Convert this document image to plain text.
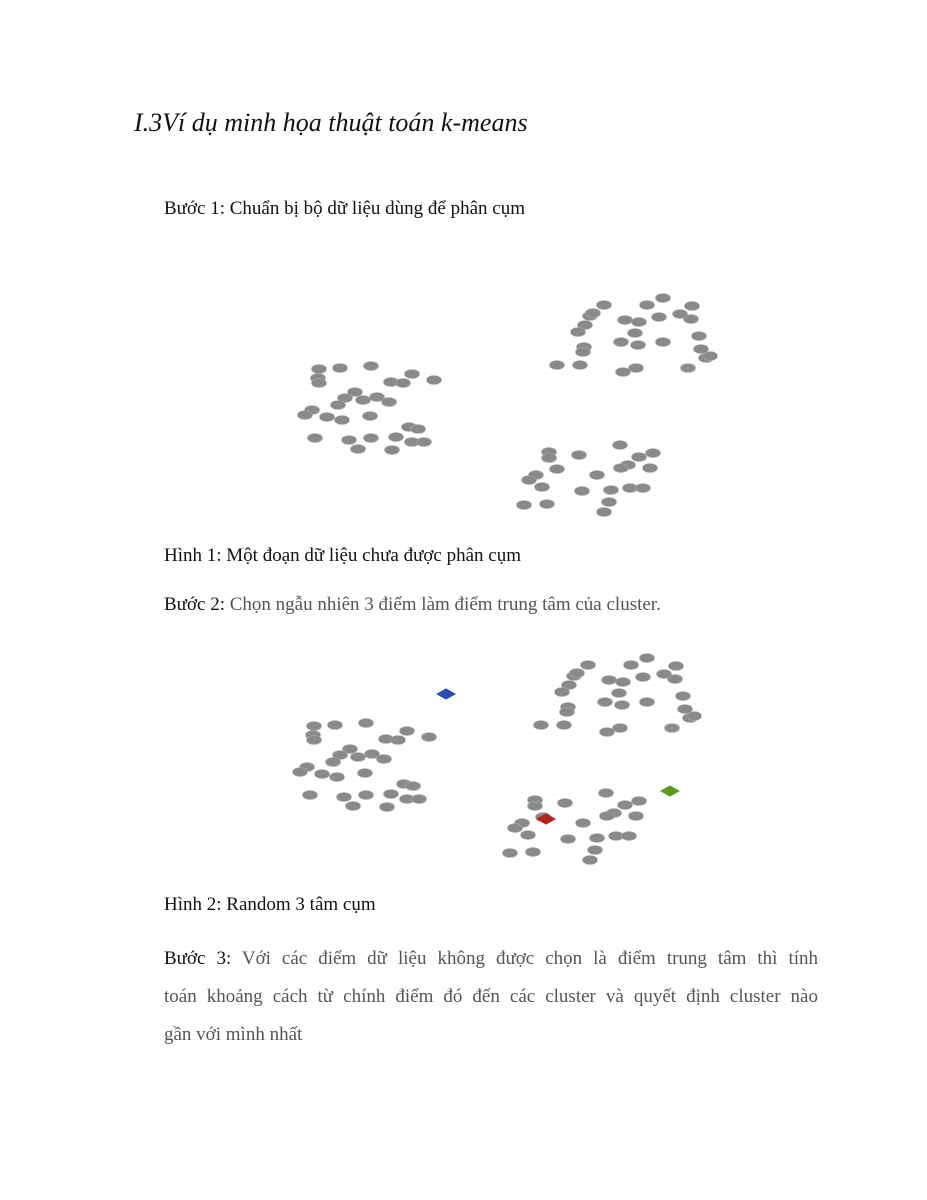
I.3Ví dụ minh họa thuật toán k-means

Bước 1: Chuẩn bị bộ dữ liệu dùng để phân cụm

Hình 1: Một đoạn dữ liệu chưa được phân cụm

Bước 2: Chọn ngẫu nhiên 3 điểm làm điểm trung tâm của cluster.

Hình 2: Random 3 tâm cụm

Bước 3: Với các điểm dữ liệu không được chọn là điểm trung tâm thì tính
toán khoảng cách từ chính điểm đó đến các cluster và quyết định cluster nào
gần với mình nhất
